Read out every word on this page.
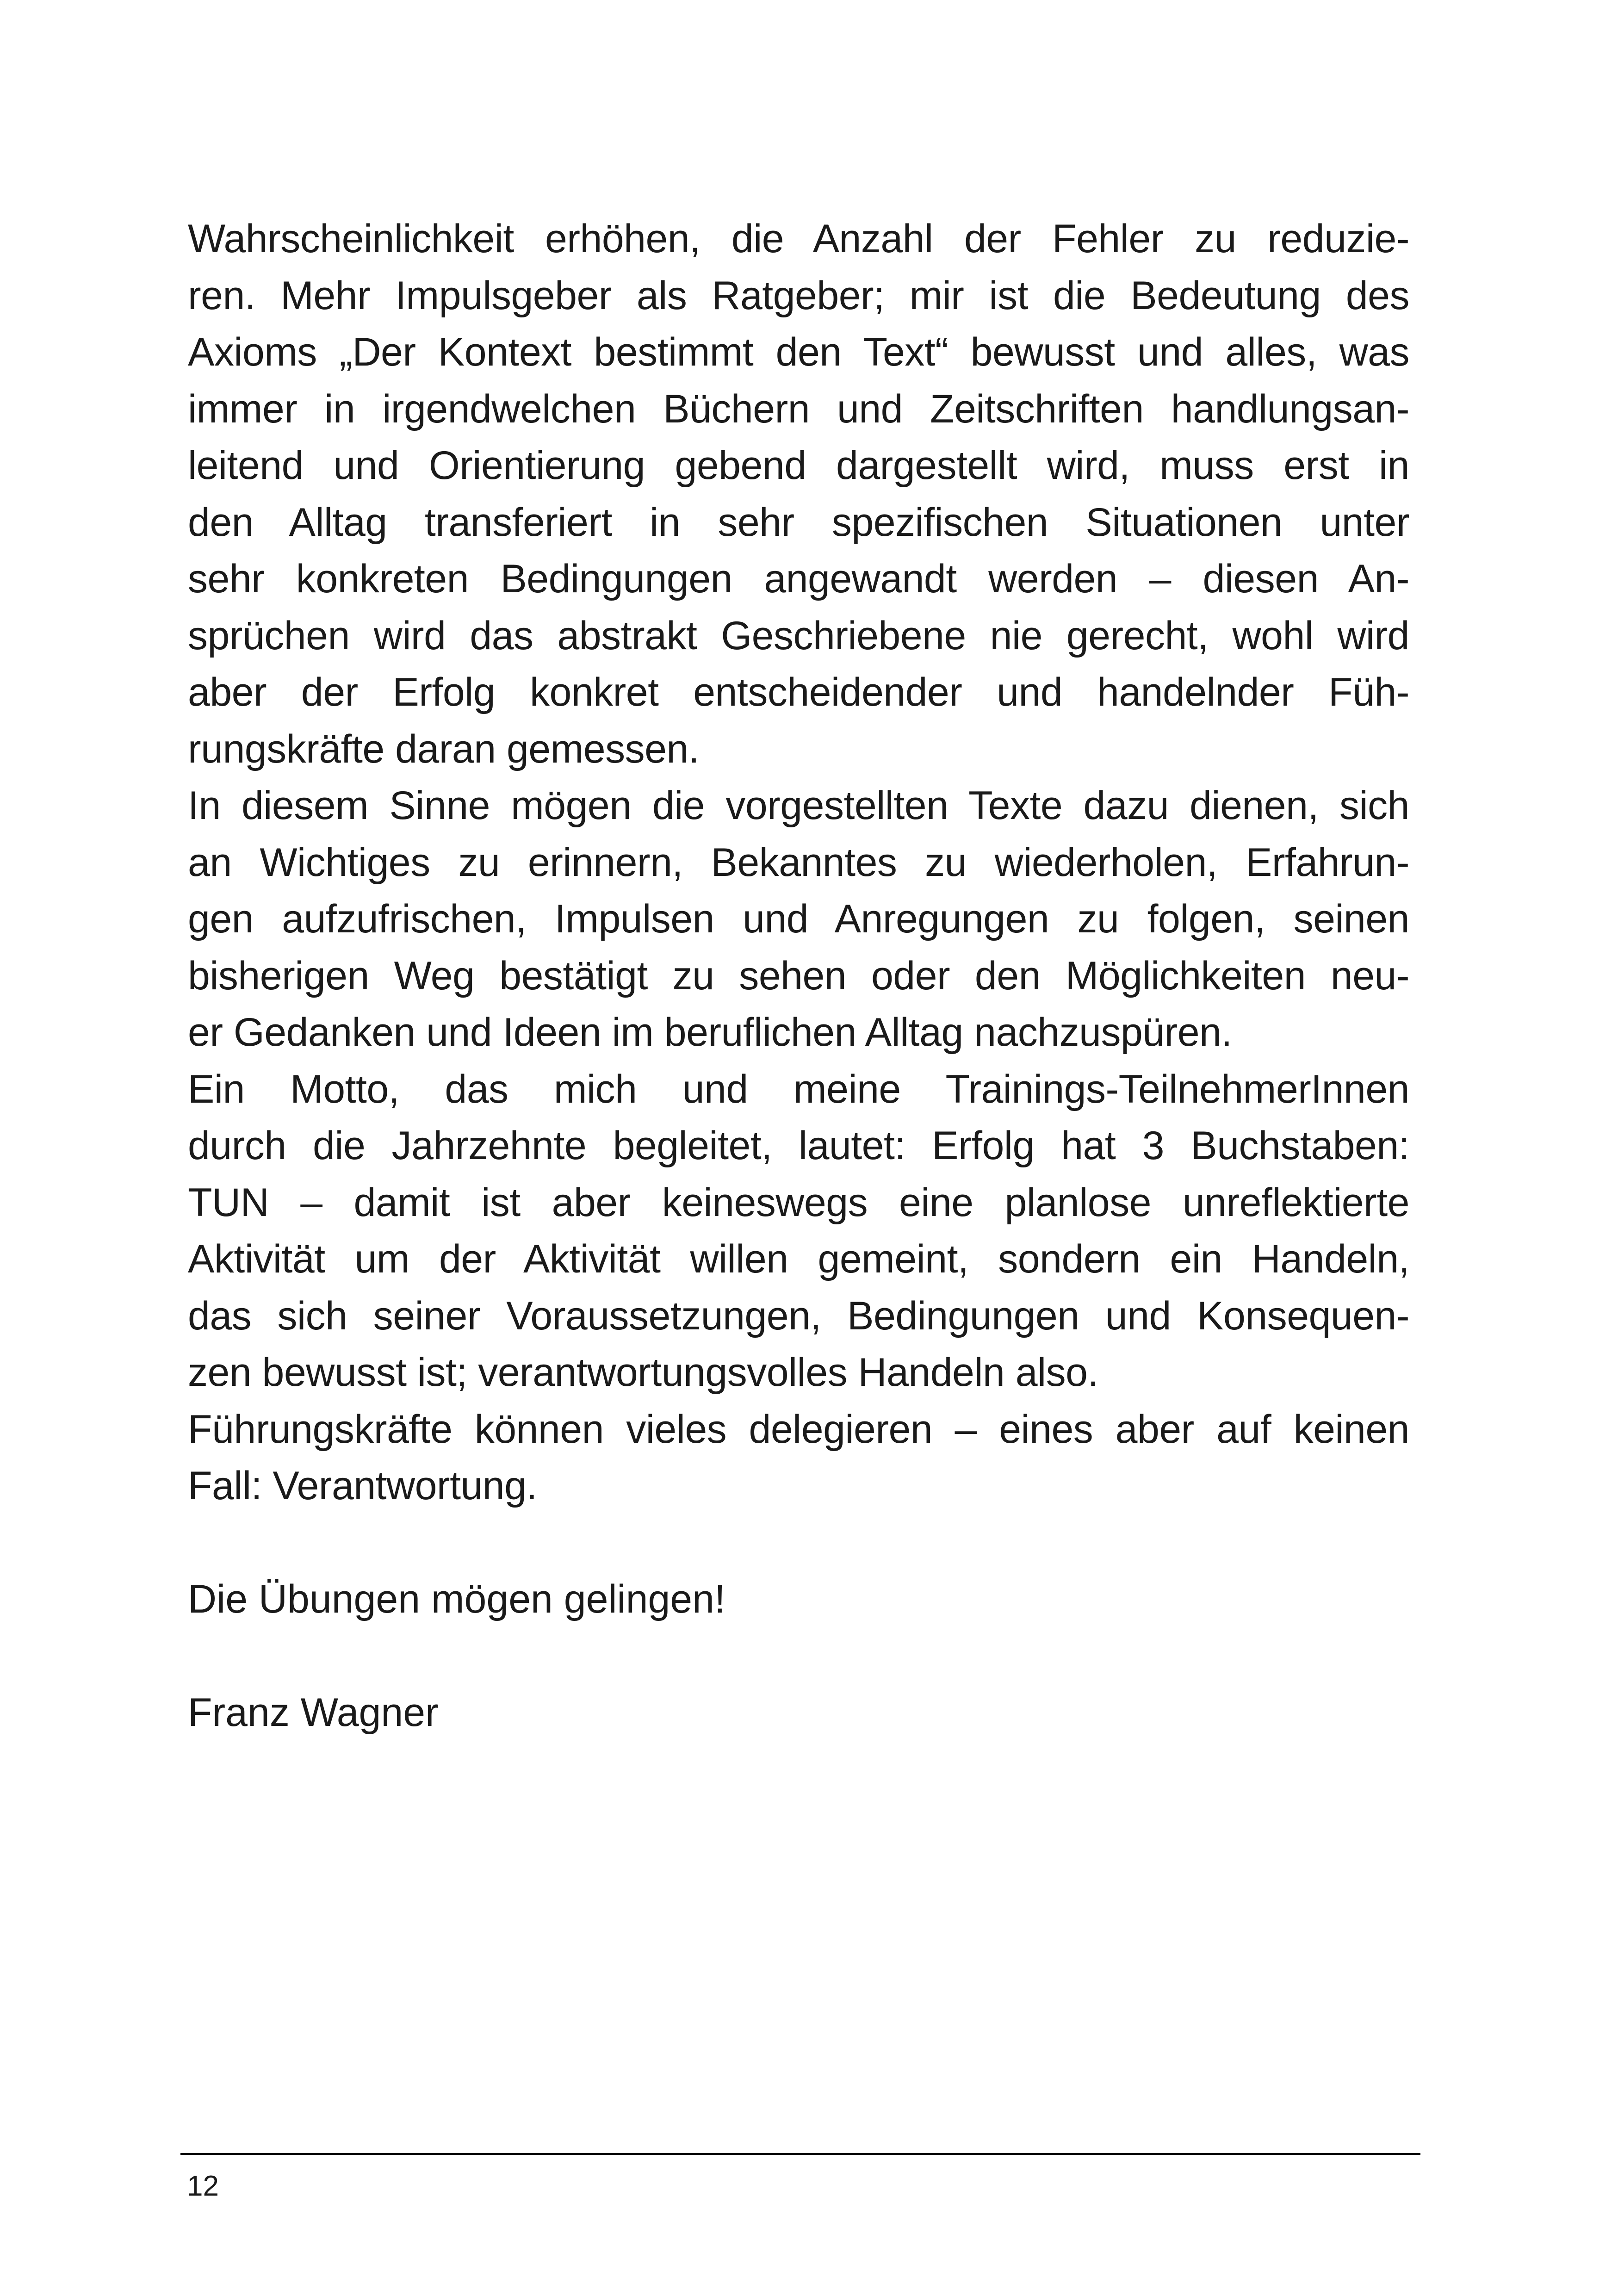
Wahrscheinlichkeit erhöhen, die Anzahl der Fehler zu reduzie-
ren. Mehr Impulsgeber als Ratgeber; mir ist die Bedeutung des
Axioms „Der Kontext bestimmt den Text“ bewusst und alles, was
immer in irgendwelchen Büchern und Zeitschriften handlungsan-
leitend und Orientierung gebend dargestellt wird, muss erst in
den Alltag transferiert in sehr spezifischen Situationen unter
sehr konkreten Bedingungen angewandt werden – diesen An-
sprüchen wird das abstrakt Geschriebene nie gerecht, wohl wird
aber der Erfolg konkret entscheidender und handelnder Füh-
rungskräfte daran gemessen.
In diesem Sinne mögen die vorgestellten Texte dazu dienen, sich
an Wichtiges zu erinnern, Bekanntes zu wiederholen, Erfahrun-
gen aufzufrischen, Impulsen und Anregungen zu folgen, seinen
bisherigen Weg bestätigt zu sehen oder den Möglichkeiten neu-
er Gedanken und Ideen im beruflichen Alltag nachzuspüren.
Ein Motto, das mich und meine Trainings-TeilnehmerInnen
durch die Jahrzehnte begleitet, lautet: Erfolg hat 3 Buchstaben:
TUN – damit ist aber keineswegs eine planlose unreflektierte
Aktivität um der Aktivität willen gemeint, sondern ein Handeln,
das sich seiner Voraussetzungen, Bedingungen und Konsequen-
zen bewusst ist; verantwortungsvolles Handeln also.
Führungskräfte können vieles delegieren – eines aber auf keinen
Fall: Verantwortung.
Die Übungen mögen gelingen!
Franz Wagner
12
